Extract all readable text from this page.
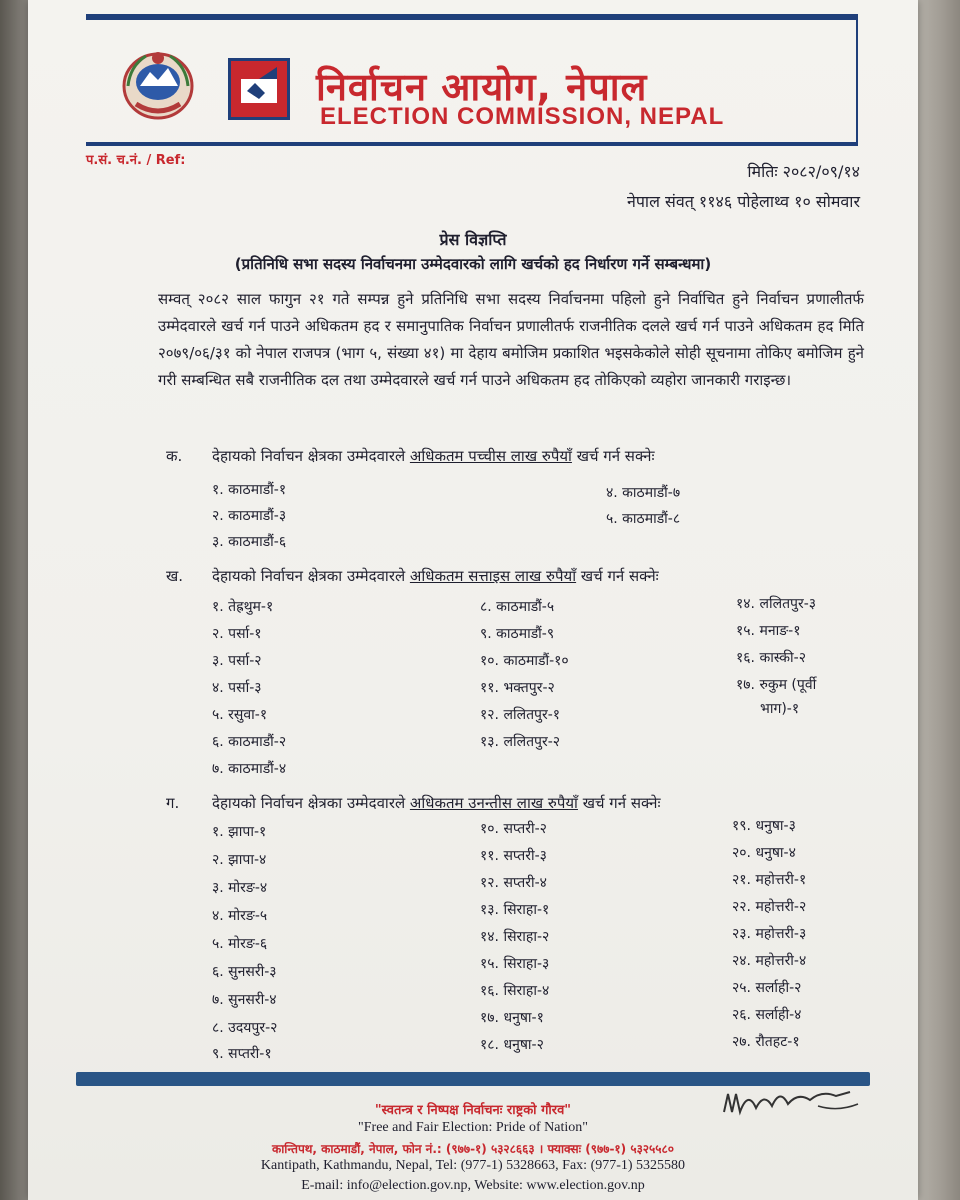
निर्वाचन आयोग, नेपाल
ELECTION COMMISSION, NEPAL
प.सं. च.नं. / Ref:
मितिः २०८२/०९/१४
नेपाल संवत् ११४६ पोहेलाथ्व १० सोमवार
प्रेस विज्ञप्ति
(प्रतिनिधि सभा सदस्य निर्वाचनमा उम्मेदवारको लागि खर्चको हद निर्धारण गर्ने सम्बन्धमा)
सम्वत् २०८२ साल फागुन २१ गते सम्पन्न हुने प्रतिनिधि सभा सदस्य निर्वाचनमा पहिलो हुने निर्वाचित हुने निर्वाचन प्रणालीतर्फ उम्मेदवारले खर्च गर्न पाउने अधिकतम हद र समानुपातिक निर्वाचन प्रणालीतर्फ राजनीतिक दलले खर्च गर्न पाउने अधिकतम हद मिति २०७९/०६/३१ को नेपाल राजपत्र (भाग ५, संख्या ४१) मा देहाय बमोजिम प्रकाशित भइसकेकोले सोही सूचनामा तोकिए बमोजिम हुने गरी सम्बन्धित सबै राजनीतिक दल तथा उम्मेदवारले खर्च गर्न पाउने अधिकतम हद तोकिएको व्यहोरा जानकारी गराइन्छ।
क. देहायको निर्वाचन क्षेत्रका उम्मेदवारले अधिकतम पच्चीस लाख रुपैयाँ खर्च गर्न सक्नेः
१. काठमाडौं-१
२. काठमाडौं-३
३. काठमाडौं-६
४. काठमाडौं-७
५. काठमाडौं-८
ख. देहायको निर्वाचन क्षेत्रका उम्मेदवारले अधिकतम सत्ताइस लाख रुपैयाँ खर्च गर्न सक्नेः
१. तेह्रथुम-१
२. पर्सा-१
३. पर्सा-२
४. पर्सा-३
५. रसुवा-१
६. काठमाडौं-२
७. काठमाडौं-४
८. काठमाडौं-५
९. काठमाडौं-९
१०. काठमाडौं-१०
११. भक्तपुर-२
१२. ललितपुर-१
१३. ललितपुर-२
१४. ललितपुर-३
१५. मनाङ-१
१६. कास्की-२
१७. रुकुम (पूर्वी
भाग)-१
ग. देहायको निर्वाचन क्षेत्रका उम्मेदवारले अधिकतम उनन्तीस लाख रुपैयाँ खर्च गर्न सक्नेः
१. झापा-१
२. झापा-४
३. मोरङ-४
४. मोरङ-५
५. मोरङ-६
६. सुनसरी-३
७. सुनसरी-४
८. उदयपुर-२
९. सप्तरी-१
१०. सप्तरी-२
११. सप्तरी-३
१२. सप्तरी-४
१३. सिराहा-१
१४. सिराहा-२
१५. सिराहा-३
१६. सिराहा-४
१७. धनुषा-१
१८. धनुषा-२
१९. धनुषा-३
२०. धनुषा-४
२१. महोत्तरी-१
२२. महोत्तरी-२
२३. महोत्तरी-३
२४. महोत्तरी-४
२५. सर्लाही-२
२६. सर्लाही-४
२७. रौतहट-१
"स्वतन्त्र र निष्पक्ष निर्वाचनः राष्ट्रको गौरव"
"Free and Fair Election: Pride of Nation"
कान्तिपथ, काठमाडौं, नेपाल, फोन नं.: (९७७-१) ५३२८६६३ । फ्याक्सः (९७७-१) ५३२५५८०
Kantipath, Kathmandu, Nepal, Tel: (977-1) 5328663, Fax: (977-1) 5325580
E-mail: info@election.gov.np, Website: www.election.gov.np
